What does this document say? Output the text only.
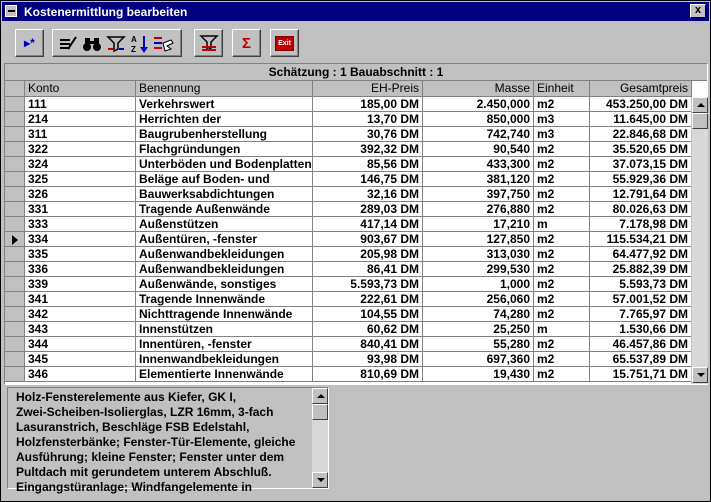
Kostenermittlung bearbeiten	x
▸*	A
Z	Σ	Exit
Schätzung : 1 Bauabschnitt : 1
Konto	Benennung	EH-Preis	Masse Einheit	Gesamtpreis
111	Verkehrswert	185,00 DM	2.450,000 m2	453.250,00 DM
214	Herrichten der	13,70 DM	850,000 m3	11.645,00 DM
311	Baugrubenherstellung	30,76 DM	742,740 m3	22.846,68 DM
322	Flachgründungen	392,32 DM	90,540 m2	35.520,65 DM
324	Unterböden und Bodenplatten	85,56 DM	433,300 m2	37.073,15 DM
325	Beläge auf Boden- und	146,75 DM	381,120 m2	55.929,36 DM
326	Bauwerksabdichtungen	32,16 DM	397,750 m2	12.791,64 DM
331	Tragende Außenwände	289,03 DM	276,880 m2	80.026,63 DM
333	Außenstützen	417,14 DM	17,210 m	7.178,98 DM
334	Außentüren, -fenster	903,67 DM	127,850 m2	115.534,21 DM
335	Außenwandbekleidungen	205,98 DM	313,030 m2	64.477,92 DM
336	Außenwandbekleidungen	86,41 DM	299,530 m2	25.882,39 DM
339	Außenwände, sonstiges	5.593,73 DM	1,000 m2	5.593,73 DM
341	Tragende Innenwände	222,61 DM	256,060 m2	57.001,52 DM
342	Nichttragende Innenwände	104,55 DM	74,280 m2	7.765,97 DM
343	Innenstützen	60,62 DM	25,250 m	1.530,66 DM
344	Innentüren, -fenster	840,41 DM	55,280 m2	46.457,86 DM
345	Innenwandbekleidungen	93,98 DM	697,360 m2	65.537,89 DM
346	Elementierte Innenwände	810,69 DM	19,430 m2	15.751,71 DM
Holz-Fensterelemente aus Kiefer, GK I,
Zwei-Scheiben-Isolierglas, LZR 16mm, 3-fach
Lasuranstrich, Beschläge FSB Edelstahl,
Holzfensterbänke; Fenster-Tür-Elemente, gleiche
Ausführung; kleine Fenster; Fenster unter dem
Pultdach mit gerundetem unterem Abschluß.
Eingangstüranlage; Windfangelemente in
